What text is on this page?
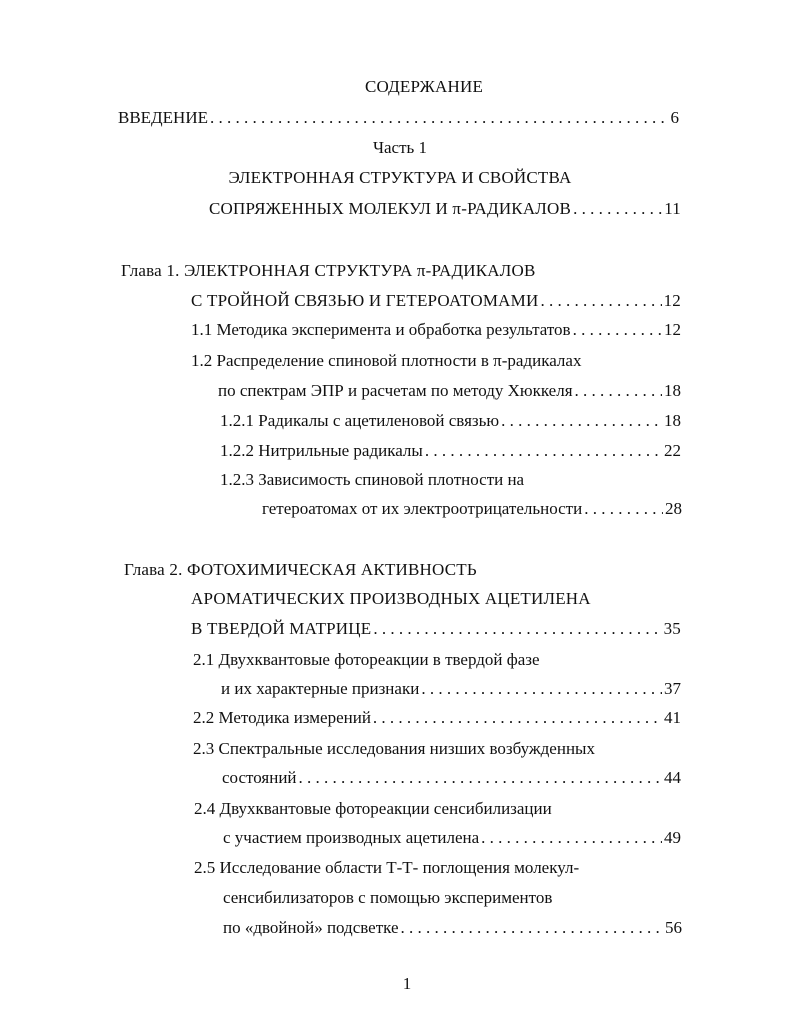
СОДЕРЖАНИЕ
ВВЕДЕНИЕ . . .	6
Часть 1
ЭЛЕКТРОННАЯ СТРУКТУРА И СВОЙСТВА
СОПРЯЖЕННЫХ МОЛЕКУЛ И π-РАДИКАЛОВ . . .	11
Глава 1. ЭЛЕКТРОННАЯ СТРУКТУРА π-РАДИКАЛОВ
С ТРОЙНОЙ СВЯЗЬЮ И ГЕТЕРОАТОМАМИ . . .	12
1.1 Методика эксперимента и обработка результатов . . .	12
1.2 Распределение спиновой плотности в π-радикалах
по спектрам ЭПР и расчетам по методу Хюккеля . . .	18
1.2.1 Радикалы с ацетиленовой связью . . .	18
1.2.2 Нитрильные радикалы . . .	22
1.2.3 Зависимость спиновой плотности на
гетероатомах от их электроотрицательности . . .	28
Глава 2. ФОТОХИМИЧЕСКАЯ АКТИВНОСТЬ
АРОМАТИЧЕСКИХ ПРОИЗВОДНЫХ АЦЕТИЛЕНА
В ТВЕРДОЙ МАТРИЦЕ . . .	35
2.1 Двухквантовые фотореакции в твердой фазе
и их характерные признаки . . .	37
2.2 Методика измерений . . .	41
2.3 Спектральные исследования низших возбужденных
состояний . . .	44
2.4 Двухквантовые фотореакции сенсибилизации
с участием производных ацетилена . . .	49
2.5 Исследование области Т-Т- поглощения молекул-
сенсибилизаторов с помощью экспериментов
по «двойной» подсветке . . .	56
1
